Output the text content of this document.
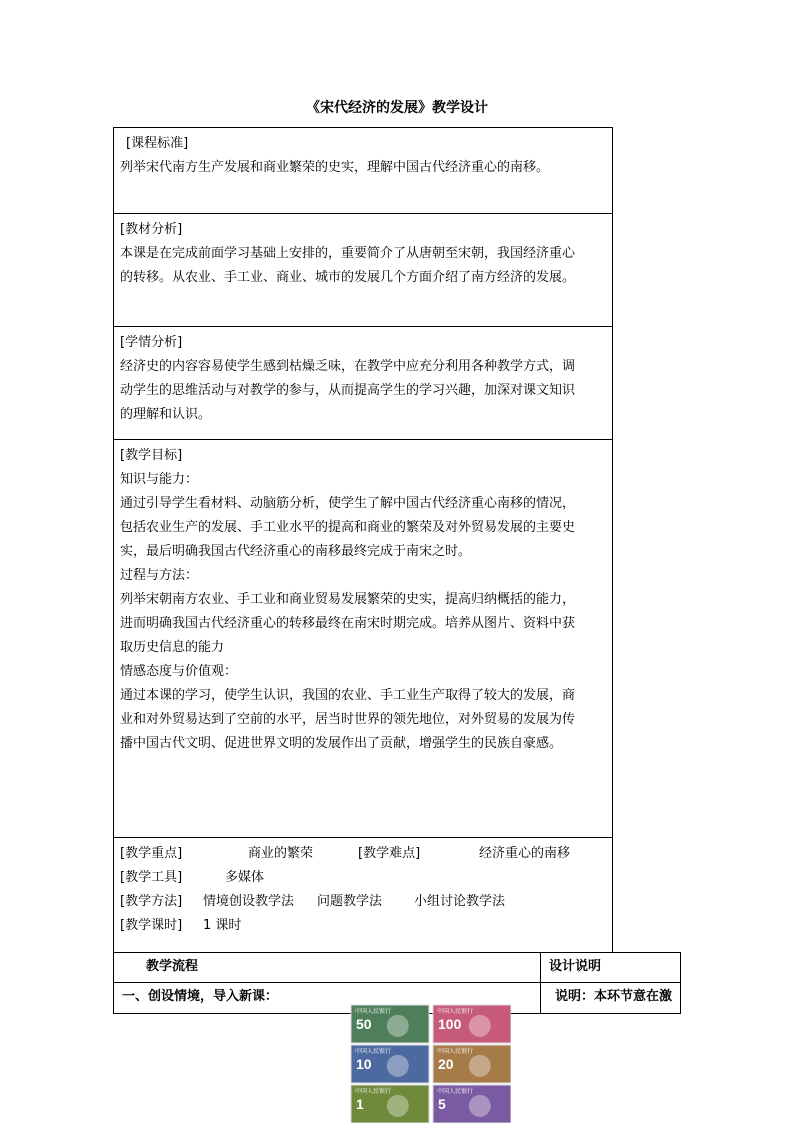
《宋代经济的发展》教学设计
[课程标准]
列举宋代南方生产发展和商业繁荣的史实，理解中国古代经济重心的南移。
[教材分析]
本课是在完成前面学习基础上安排的，重要简介了从唐朝至宋朝，我国经济重心
的转移。从农业、手工业、商业、城市的发展几个方面介绍了南方经济的发展。
[学情分析]
经济史的内容容易使学生感到枯燥乏味，在教学中应充分利用各种教学方式，调
动学生的思维活动与对教学的参与，从而提高学生的学习兴趣，加深对课文知识
的理解和认识。
[教学目标]
知识与能力：
通过引导学生看材料、动脑筋分析，使学生了解中国古代经济重心南移的情况，
包括农业生产的发展、手工业水平的提高和商业的繁荣及对外贸易发展的主要史
实，最后明确我国古代经济重心的南移最终完成于南宋之时。
过程与方法：
列举宋朝南方农业、手工业和商业贸易发展繁荣的史实，提高归纳概括的能力，
进而明确我国古代经济重心的转移最终在南宋时期完成。培养从图片、资料中获
取历史信息的能力
情感态度与价值观：
通过本课的学习，使学生认识，我国的农业、手工业生产取得了较大的发展，商
业和对外贸易达到了空前的水平，居当时世界的领先地位，对外贸易的发展为传
播中国古代文明、促进世界文明的发展作出了贡献，增强学生的民族自豪感。
[教学重点]	商业的繁荣	[教学难点]	经济重心的南移
[教学工具]	多媒体
[教学方法]	情境创设教学法	问题教学法	小组讨论教学法
[教学课时]	1 课时
教学流程	设计说明
一、创设情境，导入新课：	说明：本环节意在激
50
中国人民银行
100
中国人民银行
10
中国人民银行
20
中国人民银行
1
中国人民银行
5
中国人民银行
